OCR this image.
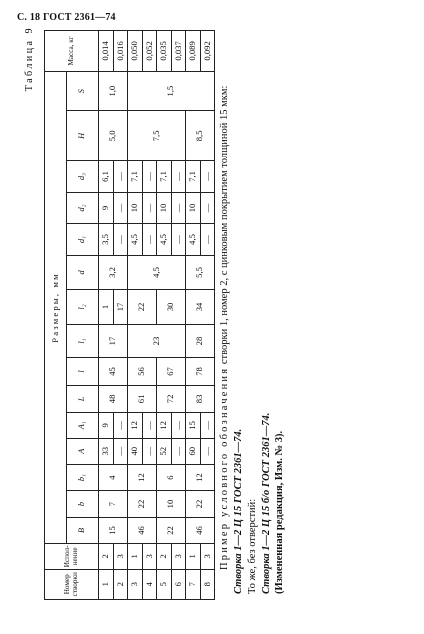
С. 18 ГОСТ 2361—74
Таблица 9
Номер створки	Испол-нение	Размеры, мм															Масса, кг
		B	b	b₁	A	A₁	L	l	l₁	l₂	d	d₁	d₂	d₃	H	S	
1	2	15	7	4	33	9	48	45	17	1	3,2	3,5	9	6,1	5,0	1,0	0,014
2	3				—	—				17		—	—	—			0,016
3	1	46	22	12	40	12	61	56	23	22	4,5	4,5	10	7,1	7,5	1,5	0,050
4	3				—	—						—	—	—			0,052
5	2	22	10	6	52	12	72	67		30		4,5	10	7,1			0,035
6	3				—	—						—	—	—			0,037
7	1	46	22	12	60	15	83	78	28	34	5,5	4,5	10	7,1	8,5		0,089
8	3				—	—						—	—	—			0,092

Пример условного обозначения створки 1, номер 2, с цинковым покрытием толщиной 15 мкм:

Створка 1—2 Ц 15 ГОСТ 2361—74. То же, без отверстий: Створка 1—2 Ц 15 б/о ГОСТ 2361—74. (Измененная редакция, Изм. № 3).
